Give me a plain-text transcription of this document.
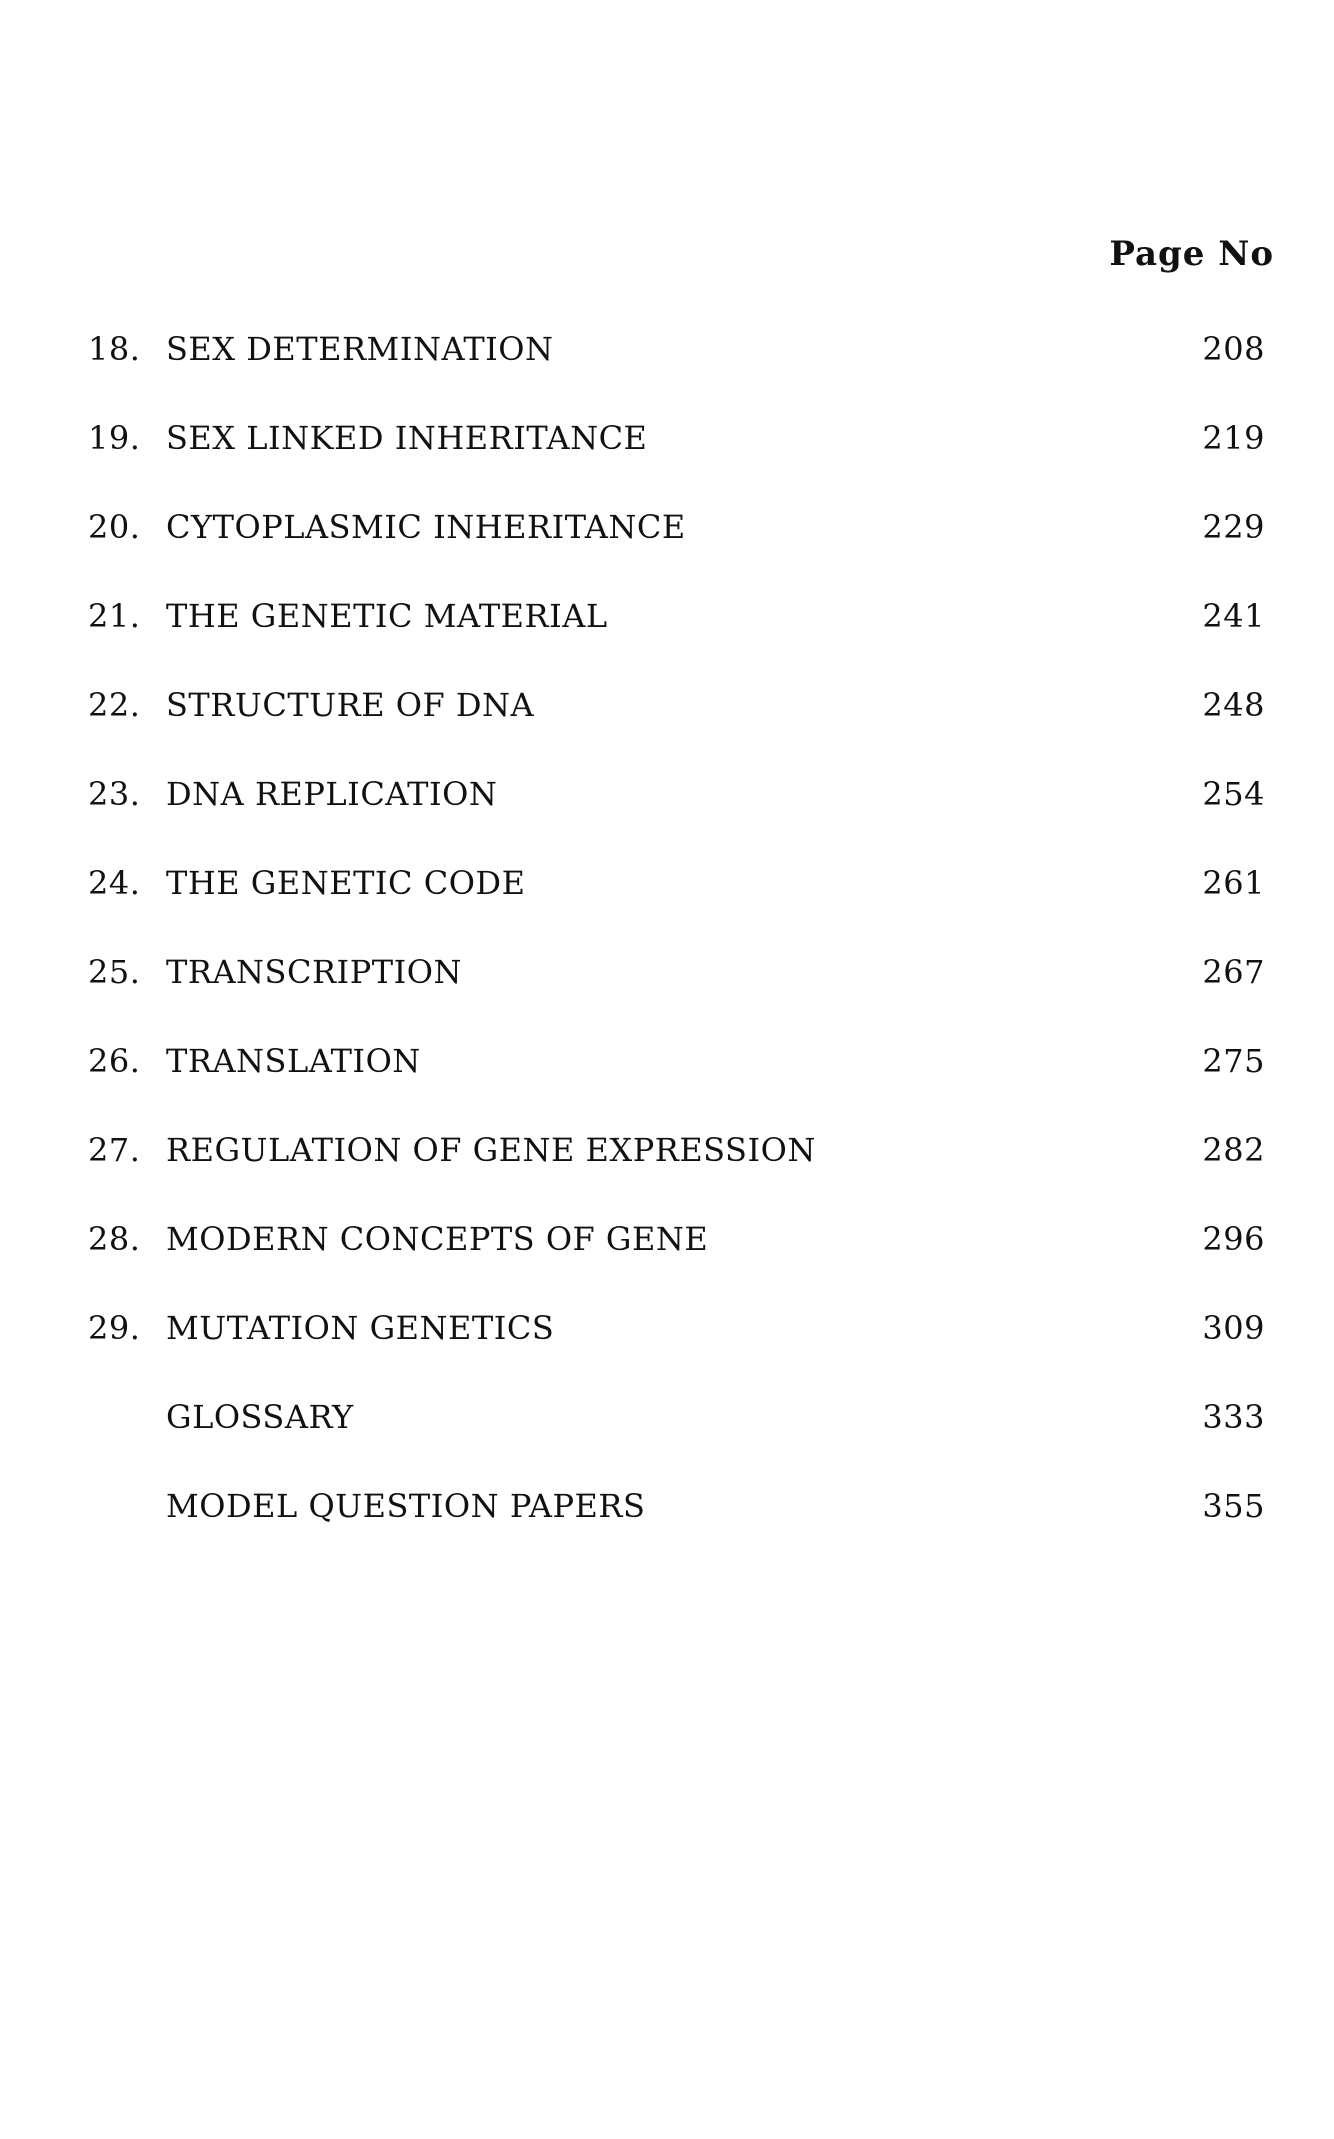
Page No
18. SEX DETERMINATION	208
19. SEX LINKED INHERITANCE	219
20. CYTOPLASMIC INHERITANCE	229
21. THE GENETIC MATERIAL	241
22. STRUCTURE OF DNA	248
23. DNA REPLICATION	254
24. THE GENETIC CODE	261
25. TRANSCRIPTION	267
26. TRANSLATION	275
27. REGULATION OF GENE EXPRESSION	282
28. MODERN CONCEPTS OF GENE	296
29. MUTATION GENETICS	309
GLOSSARY	333
MODEL QUESTION PAPERS	355
